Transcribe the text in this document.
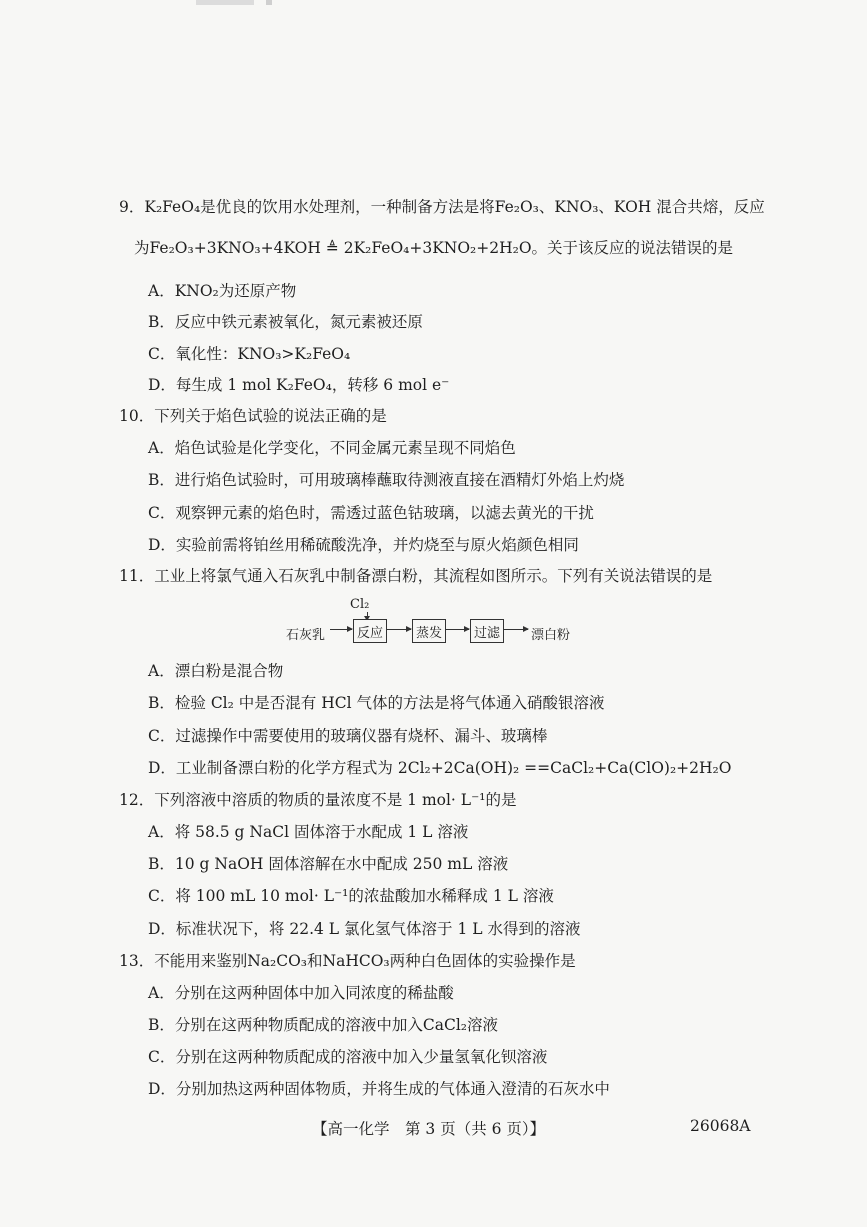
9．K₂FeO₄是优良的饮用水处理剂，一种制备方法是将Fe₂O₃、KNO₃、KOH 混合共熔，反应
为Fe₂O₃+3KNO₃+4KOH ≜ 2K₂FeO₄+3KNO₂+2H₂O。关于该反应的说法错误的是
A．KNO₂为还原产物
B．反应中铁元素被氧化，氮元素被还原
C．氧化性：KNO₃>K₂FeO₄
D．每生成 1 mol K₂FeO₄，转移 6 mol e⁻
10．下列关于焰色试验的说法正确的是
A．焰色试验是化学变化，不同金属元素呈现不同焰色
B．进行焰色试验时，可用玻璃棒蘸取待测液直接在酒精灯外焰上灼烧
C．观察钾元素的焰色时，需透过蓝色钴玻璃，以滤去黄光的干扰
D．实验前需将铂丝用稀硫酸洗净，并灼烧至与原火焰颜色相同
11．工业上将氯气通入石灰乳中制备漂白粉，其流程如图所示。下列有关说法错误的是
Cl₂
石灰乳	反应	蒸发	过滤	漂白粉
A．漂白粉是混合物
B．检验 Cl₂ 中是否混有 HCl 气体的方法是将气体通入硝酸银溶液
C．过滤操作中需要使用的玻璃仪器有烧杯、漏斗、玻璃棒
D．工业制备漂白粉的化学方程式为 2Cl₂+2Ca(OH)₂ ==CaCl₂+Ca(ClO)₂+2H₂O
12．下列溶液中溶质的物质的量浓度不是 1 mol· L⁻¹的是
A．将 58.5 g NaCl 固体溶于水配成 1 L 溶液
B．10 g NaOH 固体溶解在水中配成 250 mL 溶液
C．将 100 mL 10 mol· L⁻¹的浓盐酸加水稀释成 1 L 溶液
D．标准状况下，将 22.4 L 氯化氢气体溶于 1 L 水得到的溶液
13．不能用来鉴别Na₂CO₃和NaHCO₃两种白色固体的实验操作是
A．分别在这两种固体中加入同浓度的稀盐酸
B．分别在这两种物质配成的溶液中加入CaCl₂溶液
C．分别在这两种物质配成的溶液中加入少量氢氧化钡溶液
D．分别加热这两种固体物质，并将生成的气体通入澄清的石灰水中
【高一化学　第 3 页（共 6 页）】	26068A
